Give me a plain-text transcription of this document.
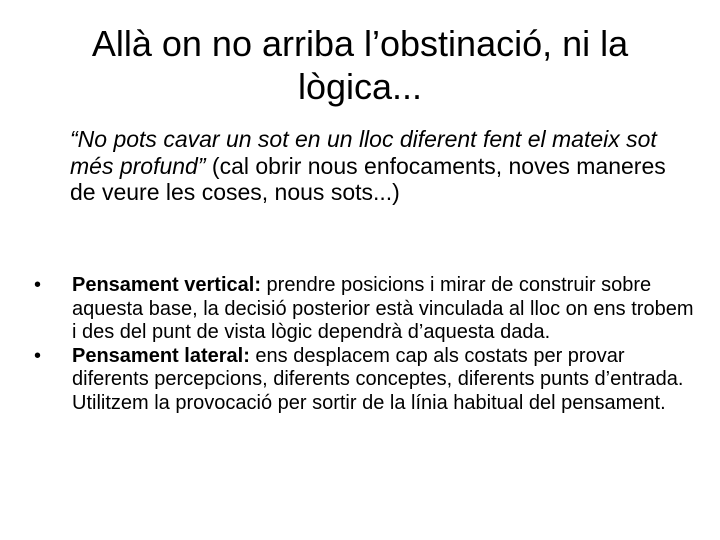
Allà on no arriba l’obstinació, ni la lògica...

“No pots cavar un sot en un lloc diferent fent el mateix sot més profund” (cal obrir nous enfocaments, noves maneres de veure les coses, nous sots...)

• Pensament vertical: prendre posicions i mirar de construir sobre aquesta base, la decisió posterior està vinculada al lloc on ens trobem i des del punt de vista lògic dependrà d’aquesta dada.
• Pensament lateral: ens desplacem cap als costats per provar diferents percepcions, diferents conceptes, diferents punts d’entrada. Utilitzem la provocació per sortir de la línia habitual del pensament.
